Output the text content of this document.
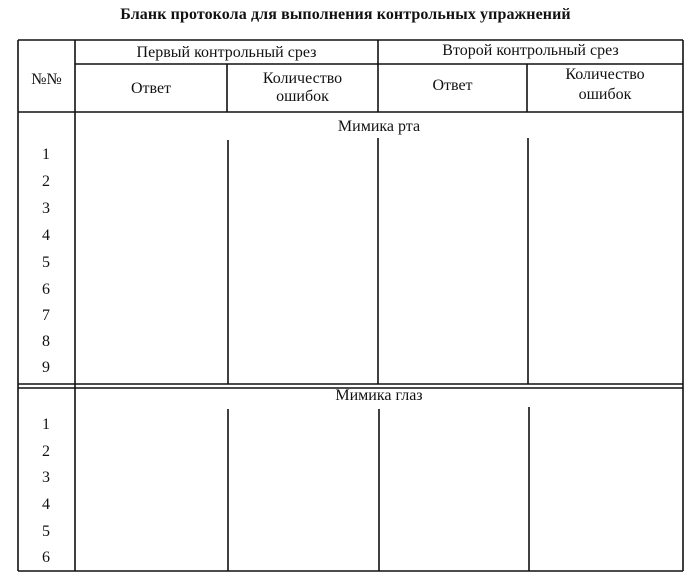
Бланк протокола для выполнения контрольных упражнений
№№
Первый контрольный срез	Второй контрольный срез
Ответ
Количество
ошибок
Ответ
Количество
ошибок
Мимика рта
1
2
3
4
5
6
7
8
9
Мимика глаз
1
2
3
4
5
6
